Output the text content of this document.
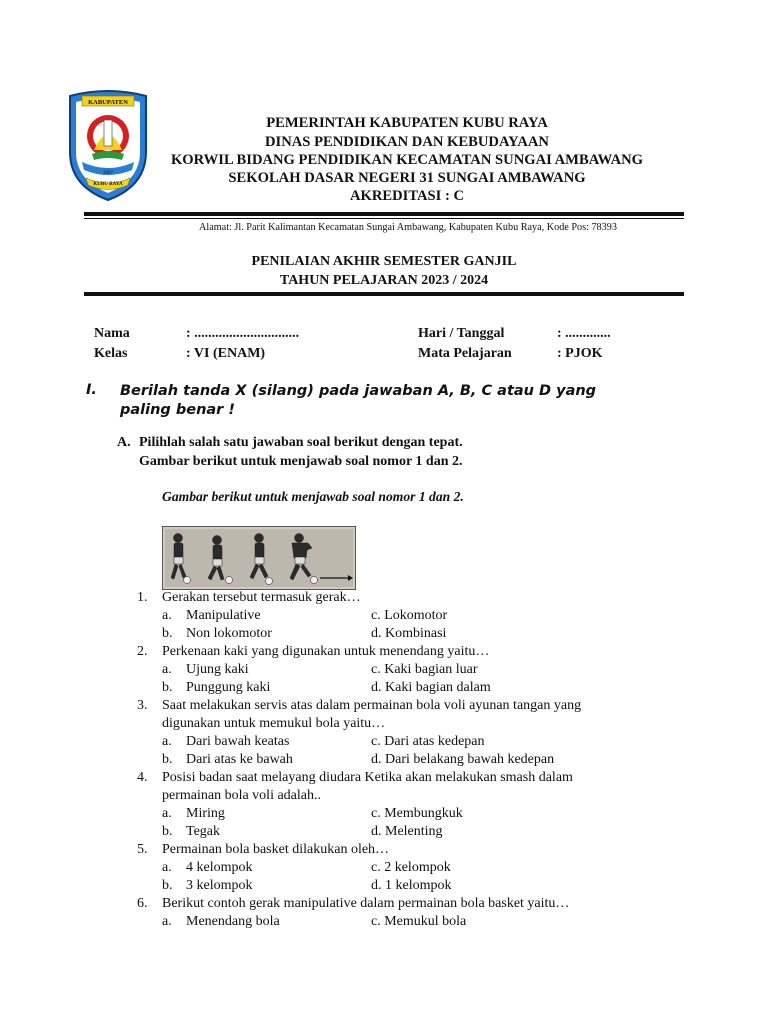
KABUPATEN
2007
KUBU RAYA
PEMERINTAH KABUPATEN KUBU RAYA
DINAS PENDIDIKAN DAN KEBUDAYAAN
KORWIL BIDANG PENDIDIKAN KECAMATAN SUNGAI AMBAWANG
SEKOLAH DASAR NEGERI 31 SUNGAI AMBAWANG
AKREDITASI : C
Alamat: Jl. Parit Kalimantan Kecamatan Sungai Ambawang, Kabupaten Kubu Raya, Kode Pos: 78393
PENILAIAN AKHIR SEMESTER GANJIL
TAHUN PELAJARAN 2023 / 2024
Nama	: ..............................	Hari / Tanggal	: .............
Kelas	: VI (ENAM)	Mata Pelajaran	: PJOK
I. Berilah tanda X (silang) pada jawaban A, B, C atau D yang
paling benar !
A. Pilihlah salah satu jawaban soal berikut dengan tepat.
Gambar berikut untuk menjawab soal nomor 1 dan 2.
Gambar berikut untuk menjawab soal nomor 1 dan 2.
1. Gerakan tersebut termasuk gerak…
a. Manipulative	c. Lokomotor
b. Non lokomotor	d. Kombinasi
2. Perkenaan kaki yang digunakan untuk menendang yaitu…
a. Ujung kaki	c. Kaki bagian luar
b. Punggung kaki	d. Kaki bagian dalam
3. Saat melakukan servis atas dalam permainan bola voli ayunan tangan yang
digunakan untuk memukul bola yaitu…
a. Dari bawah keatas	c. Dari atas kedepan
b. Dari atas ke bawah	d. Dari belakang bawah kedepan
4. Posisi badan saat melayang diudara Ketika akan melakukan smash dalam
permainan bola voli adalah..
a. Miring	c. Membungkuk
b. Tegak	d. Melenting
5. Permainan bola basket dilakukan oleh…
a. 4 kelompok	c. 2 kelompok
b. 3 kelompok	d. 1 kelompok
6. Berikut contoh gerak manipulative dalam permainan bola basket yaitu…
a. Menendang bola	c. Memukul bola
